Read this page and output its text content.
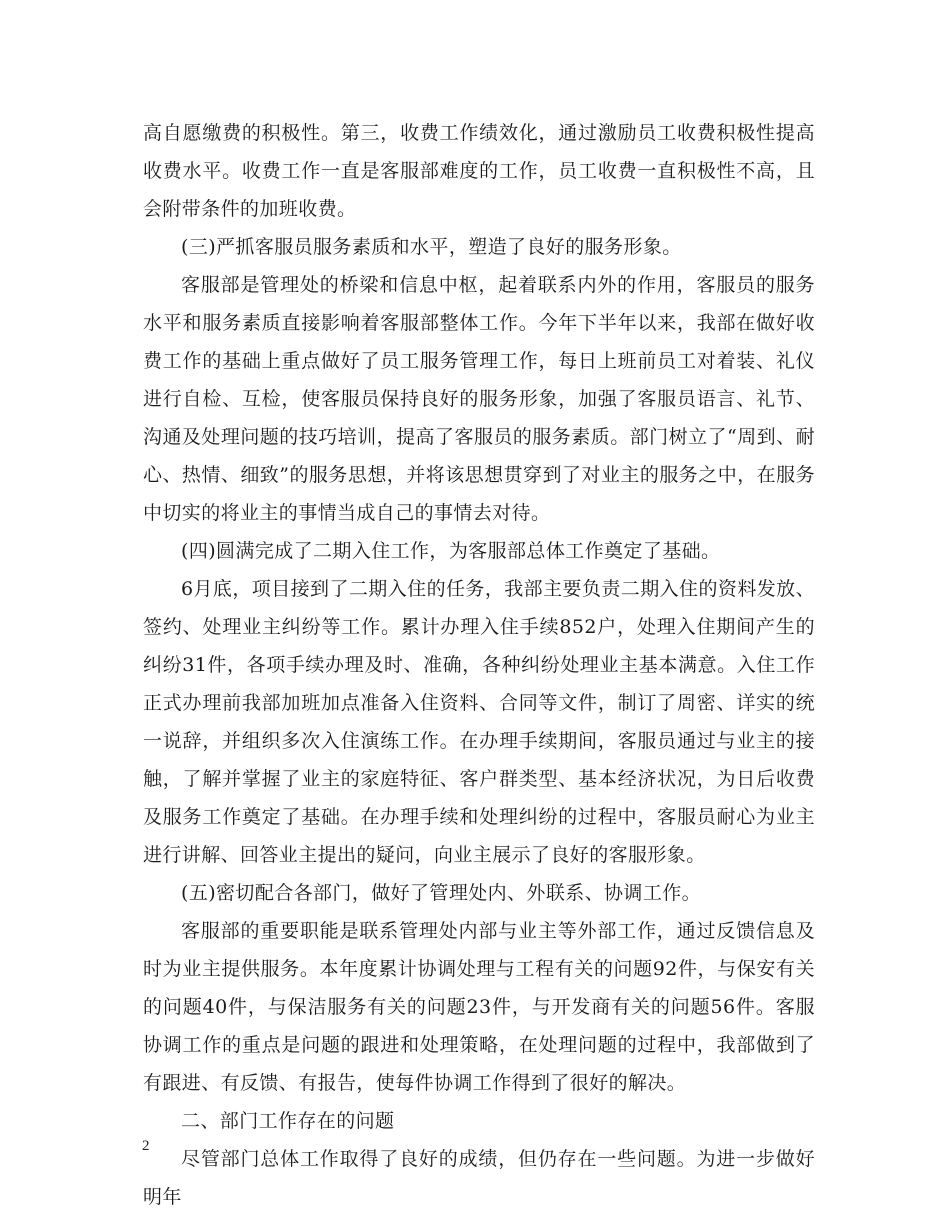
高自愿缴费的积极性。第三，收费工作绩效化，通过激励员工收费积极性提高收费水平。收费工作一直是客服部难度的工作，员工收费一直积极性不高，且会附带条件的加班收费。

(三)严抓客服员服务素质和水平，塑造了良好的服务形象。

客服部是管理处的桥梁和信息中枢，起着联系内外的作用，客服员的服务水平和服务素质直接影响着客服部整体工作。今年下半年以来，我部在做好收费工作的基础上重点做好了员工服务管理工作，每日上班前员工对着装、礼仪进行自检、互检，使客服员保持良好的服务形象，加强了客服员语言、礼节、沟通及处理问题的技巧培训，提高了客服员的服务素质。部门树立了“周到、耐心、热情、细致”的服务思想，并将该思想贯穿到了对业主的服务之中，在服务中切实的将业主的事情当成自己的事情去对待。

(四)圆满完成了二期入住工作，为客服部总体工作奠定了基础。

6月底，项目接到了二期入住的任务，我部主要负责二期入住的资料发放、签约、处理业主纠纷等工作。累计办理入住手续852户，处理入住期间产生的纠纷31件，各项手续办理及时、准确，各种纠纷处理业主基本满意。入住工作正式办理前我部加班加点准备入住资料、合同等文件，制订了周密、详实的统一说辞，并组织多次入住演练工作。在办理手续期间，客服员通过与业主的接触，了解并掌握了业主的家庭特征、客户群类型、基本经济状况，为日后收费及服务工作奠定了基础。在办理手续和处理纠纷的过程中，客服员耐心为业主进行讲解、回答业主提出的疑问，向业主展示了良好的客服形象。

(五)密切配合各部门，做好了管理处内、外联系、协调工作。

客服部的重要职能是联系管理处内部与业主等外部工作，通过反馈信息及时为业主提供服务。本年度累计协调处理与工程有关的问题92件，与保安有关的问题40件，与保洁服务有关的问题23件，与开发商有关的问题56件。客服协调工作的重点是问题的跟进和处理策略，在处理问题的过程中，我部做到了有跟进、有反馈、有报告，使每件协调工作得到了很好的解决。

二、部门工作存在的问题

尽管部门总体工作取得了良好的成绩，但仍存在一些问题。为进一步做好明年

2
